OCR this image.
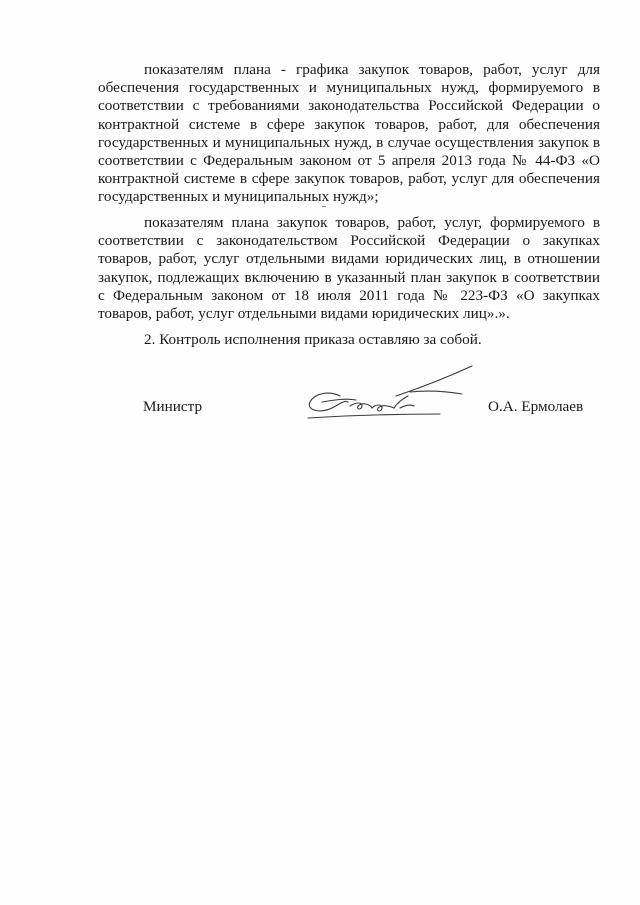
показателям плана - графика закупок товаров, работ, услуг для обеспечения государственных и муниципальных нужд, формируемого в соответствии с требованиями законодательства Российской Федерации о контрактной системе в сфере закупок товаров, работ, для обеспечения государственных и муниципальных нужд, в случае осуществления закупок в соответствии с Федеральным законом от 5 апреля 2013 года № 44-ФЗ «О контрактной системе в сфере закупок товаров, работ, услуг для обеспечения государственных и муниципальных нужд»;

показателям плана закупок товаров, работ, услуг, формируемого в соответствии с законодательством Российской Федерации о закупках товаров, работ, услуг отдельными видами юридических лиц, в отношении закупок, подлежащих включению в указанный план закупок в соответствии с Федеральным законом от 18 июля 2011 года № 223-ФЗ «О закупках товаров, работ, услуг отдельными видами юридических лиц».».

2. Контроль исполнения приказа оставляю за собой.

Министр	О.А. Ермолаев
